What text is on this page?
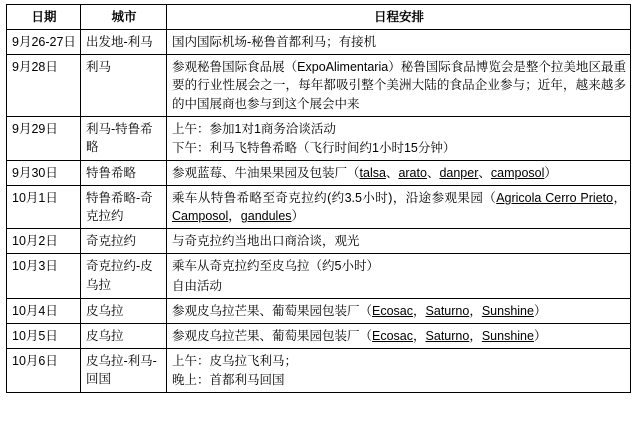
日期	城市	日程安排
9月26-27日	出发地-利马	国内国际机场-秘鲁首都利马；有接机

9月28日	利马	参观秘鲁国际食品展（ExpoAlimentaria）秘鲁国际食品博览会是整个拉美地区最重要的行业性展会之一，每年都吸引整个美洲大陆的食品企业参与；近年，越来越多的中国展商也参与到这个展会中来

9月29日	利马-特鲁希略	上午：参加1对1商务洽谈活动
下午：利马飞特鲁希略（飞行时间约1小时15分钟）

9月30日	特鲁希略	参观蓝莓、牛油果果园及包装厂（talsa、arato、danper、camposol）

10月1日	特鲁希略-奇克拉约	乘车从特鲁希略至奇克拉约(约3.5小时)，沿途参观果园（Agricola Cerro Prieto，Camposol，gandules）

10月2日	奇克拉约	与奇克拉约当地出口商洽谈，观光

10月3日	奇克拉约-皮乌拉	乘车从奇克拉约至皮乌拉（约5小时）
自由活动

10月4日	皮乌拉	参观皮乌拉芒果、葡萄果园包装厂（Ecosac，Saturno，Sunshine）

10月5日	皮乌拉	参观皮乌拉芒果、葡萄果园包装厂（Ecosac，Saturno，Sunshine）

10月6日	皮乌拉-利马-回国	上午：皮乌拉飞利马；
晚上：首都利马回国
